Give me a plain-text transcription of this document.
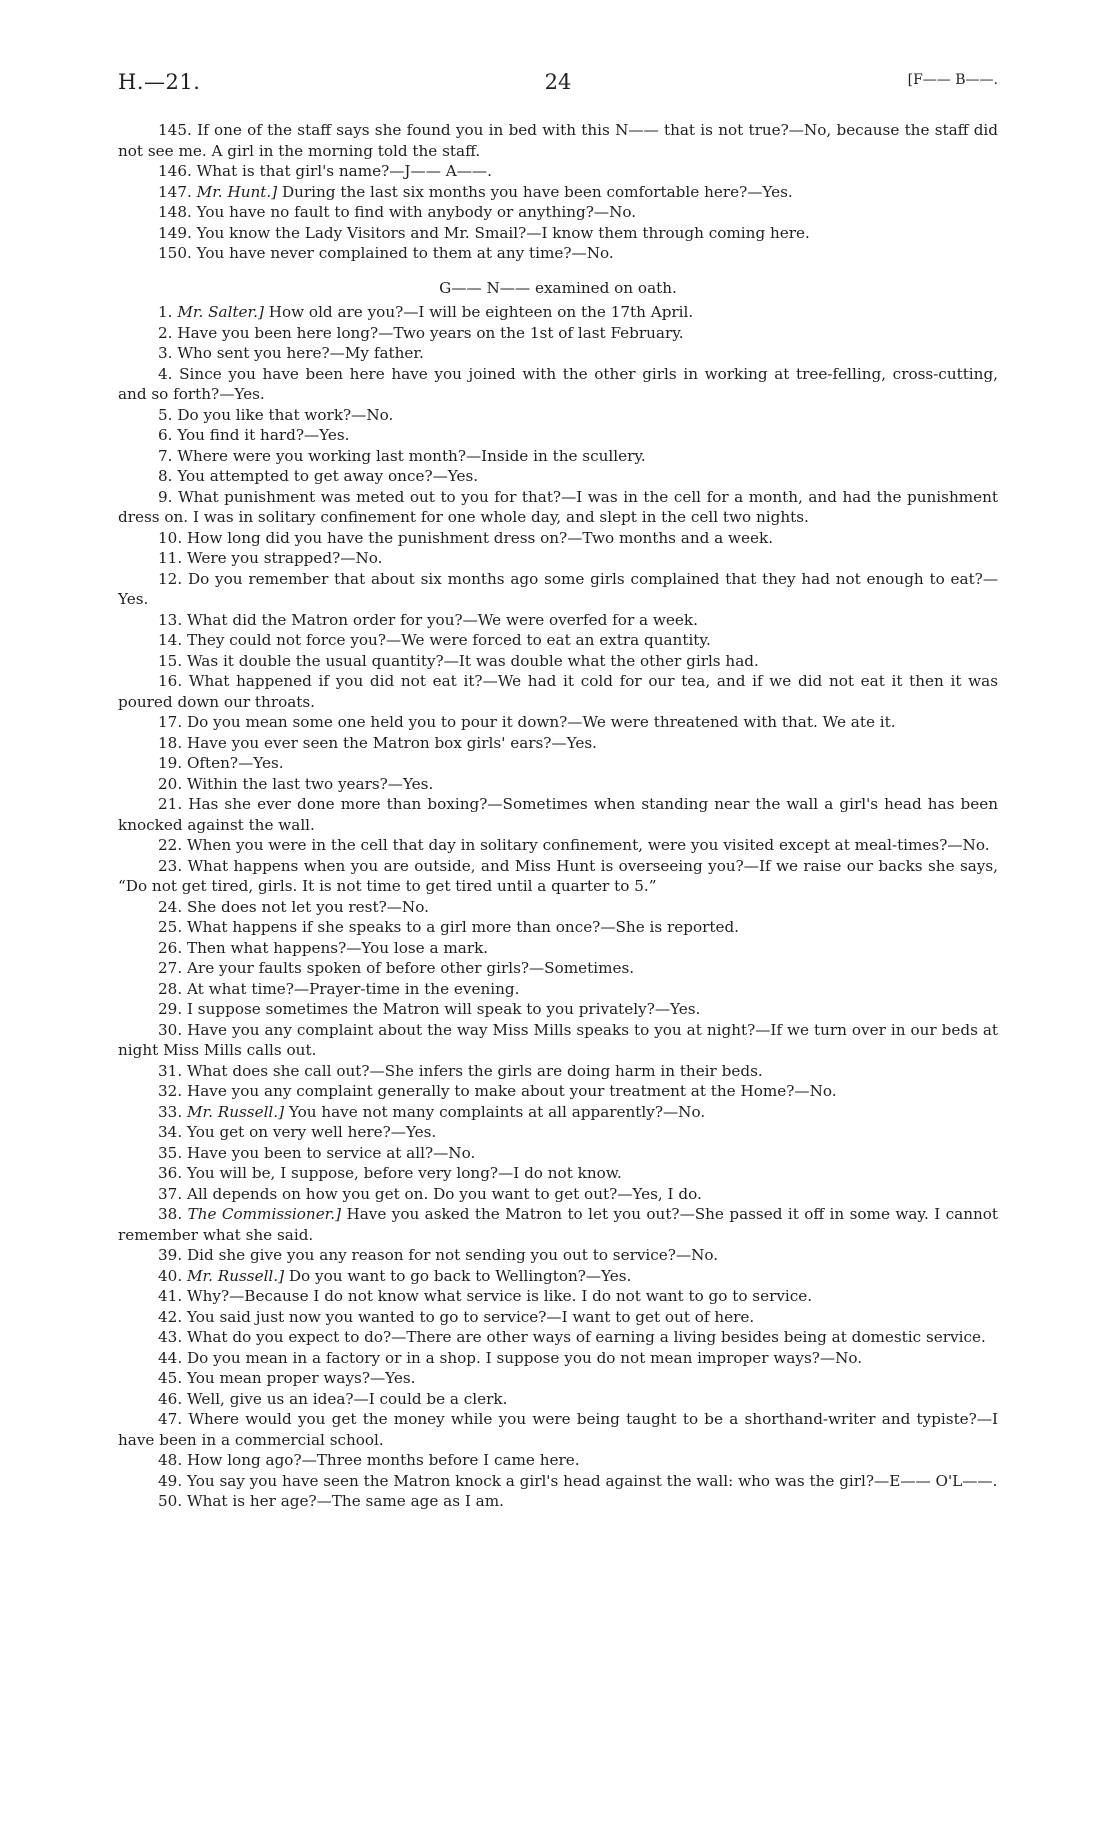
H.—21.	24	[F—— B——.

145. If one of the staff says she found you in bed with this N—— that is not true?—No, because the staff did not see me. A girl in the morning told the staff.

146. What is that girl's name?—J—— A——.

147. Mr. Hunt.] During the last six months you have been comfortable here?—Yes.

148. You have no fault to find with anybody or anything?—No.

149. You know the Lady Visitors and Mr. Smail?—I know them through coming here.

150. You have never complained to them at any time?—No.

G—— N—— examined on oath.

1. Mr. Salter.] How old are you?—I will be eighteen on the 17th April.

2. Have you been here long?—Two years on the 1st of last February.

3. Who sent you here?—My father.

4. Since you have been here have you joined with the other girls in working at tree-felling, cross-cutting, and so forth?—Yes.

5. Do you like that work?—No.

6. You find it hard?—Yes.

7. Where were you working last month?—Inside in the scullery.

8. You attempted to get away once?—Yes.

9. What punishment was meted out to you for that?—I was in the cell for a month, and had the punishment dress on. I was in solitary confinement for one whole day, and slept in the cell two nights.

10. How long did you have the punishment dress on?—Two months and a week.

11. Were you strapped?—No.

12. Do you remember that about six months ago some girls complained that they had not enough to eat?—Yes.

13. What did the Matron order for you?—We were overfed for a week.

14. They could not force you?—We were forced to eat an extra quantity.

15. Was it double the usual quantity?—It was double what the other girls had.

16. What happened if you did not eat it?—We had it cold for our tea, and if we did not eat it then it was poured down our throats.

17. Do you mean some one held you to pour it down?—We were threatened with that. We ate it.

18. Have you ever seen the Matron box girls' ears?—Yes.

19. Often?—Yes.

20. Within the last two years?—Yes.

21. Has she ever done more than boxing?—Sometimes when standing near the wall a girl's head has been knocked against the wall.

22. When you were in the cell that day in solitary confinement, were you visited except at meal-times?—No.

23. What happens when you are outside, and Miss Hunt is overseeing you?—If we raise our backs she says, “Do not get tired, girls. It is not time to get tired until a quarter to 5.”

24. She does not let you rest?—No.

25. What happens if she speaks to a girl more than once?—She is reported.

26. Then what happens?—You lose a mark.

27. Are your faults spoken of before other girls?—Sometimes.

28. At what time?—Prayer-time in the evening.

29. I suppose sometimes the Matron will speak to you privately?—Yes.

30. Have you any complaint about the way Miss Mills speaks to you at night?—If we turn over in our beds at night Miss Mills calls out.

31. What does she call out?—She infers the girls are doing harm in their beds.

32. Have you any complaint generally to make about your treatment at the Home?—No.

33. Mr. Russell.] You have not many complaints at all apparently?—No.

34. You get on very well here?—Yes.

35. Have you been to service at all?—No.

36. You will be, I suppose, before very long?—I do not know.

37. All depends on how you get on. Do you want to get out?—Yes, I do.

38. The Commissioner.] Have you asked the Matron to let you out?—She passed it off in some way. I cannot remember what she said.

39. Did she give you any reason for not sending you out to service?—No.

40. Mr. Russell.] Do you want to go back to Wellington?—Yes.

41. Why?—Because I do not know what service is like. I do not want to go to service.

42. You said just now you wanted to go to service?—I want to get out of here.

43. What do you expect to do?—There are other ways of earning a living besides being at domestic service.

44. Do you mean in a factory or in a shop. I suppose you do not mean improper ways?—No.

45. You mean proper ways?—Yes.

46. Well, give us an idea?—I could be a clerk.

47. Where would you get the money while you were being taught to be a shorthand-writer and typiste?—I have been in a commercial school.

48. How long ago?—Three months before I came here.

49. You say you have seen the Matron knock a girl's head against the wall: who was the girl?—E—— O'L——.

50. What is her age?—The same age as I am.
